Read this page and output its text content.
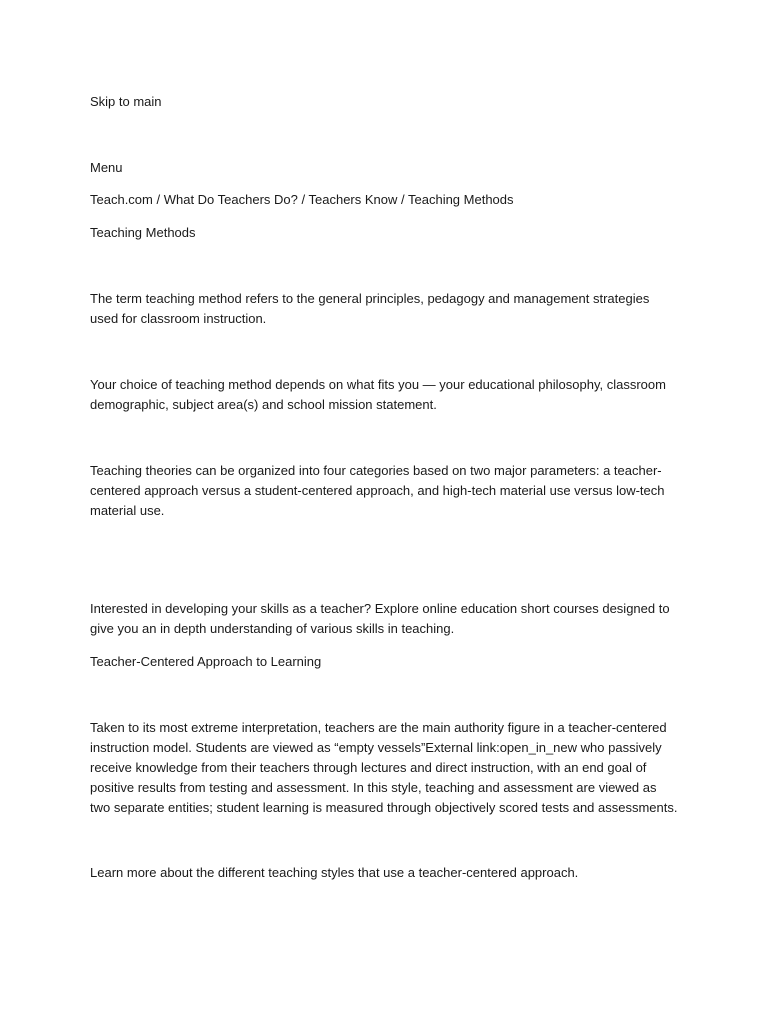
Skip to main

Menu

Teach.com / What Do Teachers Do? / Teachers Know / Teaching Methods

Teaching Methods

The term teaching method refers to the general principles, pedagogy and management strategies used for classroom instruction.

Your choice of teaching method depends on what fits you — your educational philosophy, classroom demographic, subject area(s) and school mission statement.

Teaching theories can be organized into four categories based on two major parameters: a teacher-centered approach versus a student-centered approach, and high-tech material use versus low-tech material use.

Interested in developing your skills as a teacher? Explore online education short courses designed to give you an in depth understanding of various skills in teaching.

Teacher-Centered Approach to Learning

Taken to its most extreme interpretation, teachers are the main authority figure in a teacher-centered instruction model. Students are viewed as “empty vessels”External link:open_in_new who passively receive knowledge from their teachers through lectures and direct instruction, with an end goal of positive results from testing and assessment. In this style, teaching and assessment are viewed as two separate entities; student learning is measured through objectively scored tests and assessments.

Learn more about the different teaching styles that use a teacher-centered approach.
